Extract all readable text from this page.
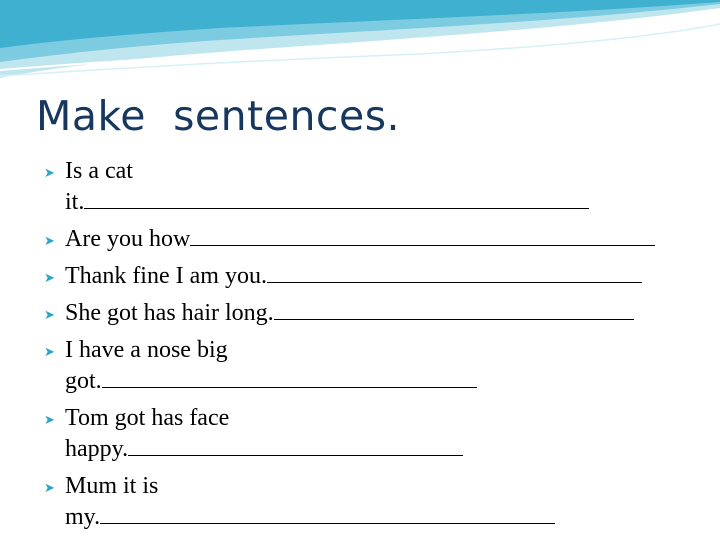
Make  sentences.
➤ Is a cat
it.
➤ Are you how
➤ Thank fine I am you.
➤ She got has hair long.
➤ I have a nose big
got.
➤ Tom got has face
happy.
➤ Mum it is
my.
